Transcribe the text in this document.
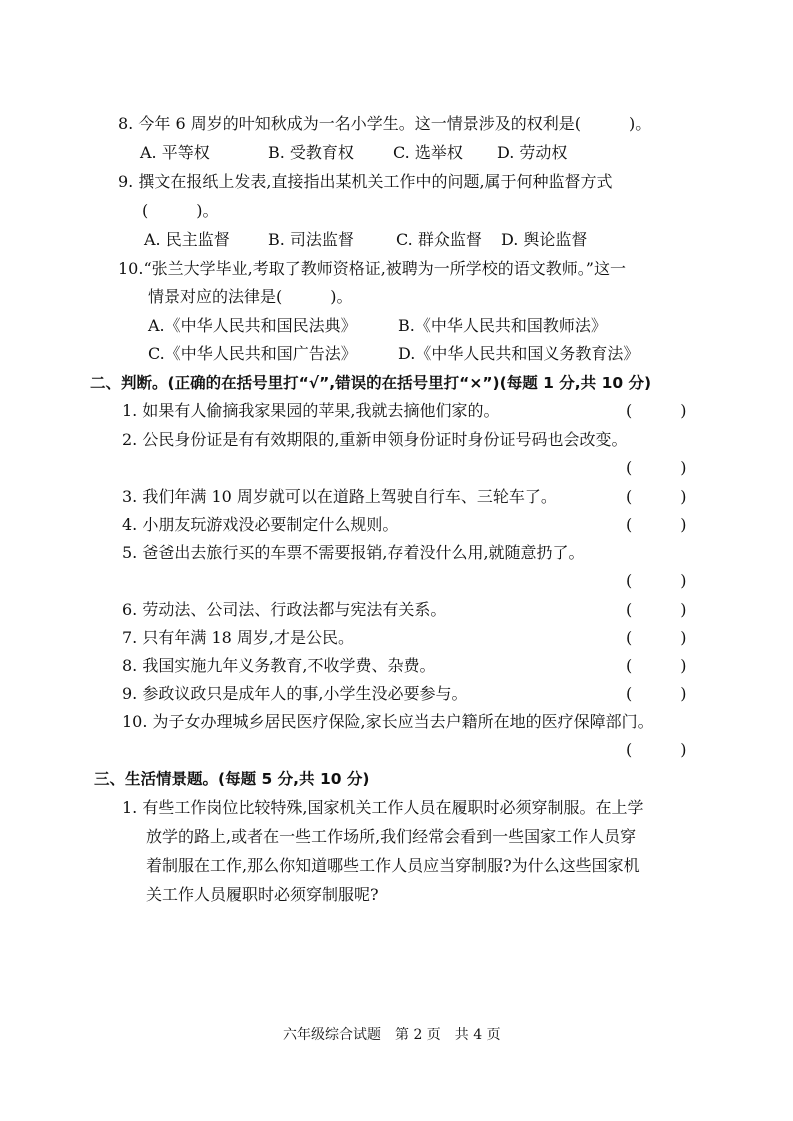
8. 今年 6 周岁的叶知秋成为一名小学生。这一情景涉及的权利是(　　　)。
A. 平等权	B. 受教育权	C. 选举权	D. 劳动权
9. 撰文在报纸上发表,直接指出某机关工作中的问题,属于何种监督方式
(　　　)。
A. 民主监督	B. 司法监督	C. 群众监督	D. 舆论监督
10.“张兰大学毕业,考取了教师资格证,被聘为一所学校的语文教师。”这一
情景对应的法律是(　　　)。
A.《中华人民共和国民法典》	B.《中华人民共和国教师法》
C.《中华人民共和国广告法》	D.《中华人民共和国义务教育法》
二、判断。(正确的在括号里打“√”,错误的在括号里打“×”)(每题 1 分,共 10 分)
1. 如果有人偷摘我家果园的苹果,我就去摘他们家的。	(　　　)
2. 公民身份证是有有效期限的,重新申领身份证时身份证号码也会改变。
(　　　)
3. 我们年满 10 周岁就可以在道路上驾驶自行车、三轮车了。	(　　　)
4. 小朋友玩游戏没必要制定什么规则。	(　　　)
5. 爸爸出去旅行买的车票不需要报销,存着没什么用,就随意扔了。
(　　　)
6. 劳动法、公司法、行政法都与宪法有关系。	(　　　)
7. 只有年满 18 周岁,才是公民。	(　　　)
8. 我国实施九年义务教育,不收学费、杂费。	(　　　)
9. 参政议政只是成年人的事,小学生没必要参与。	(　　　)
10. 为子女办理城乡居民医疗保险,家长应当去户籍所在地的医疗保障部门。
(　　　)
三、生活情景题。(每题 5 分,共 10 分)
1. 有些工作岗位比较特殊,国家机关工作人员在履职时必须穿制服。在上学
放学的路上,或者在一些工作场所,我们经常会看到一些国家工作人员穿
着制服在工作,那么你知道哪些工作人员应当穿制服?为什么这些国家机
关工作人员履职时必须穿制服呢?
六年级综合试题　第 2 页　共 4 页
